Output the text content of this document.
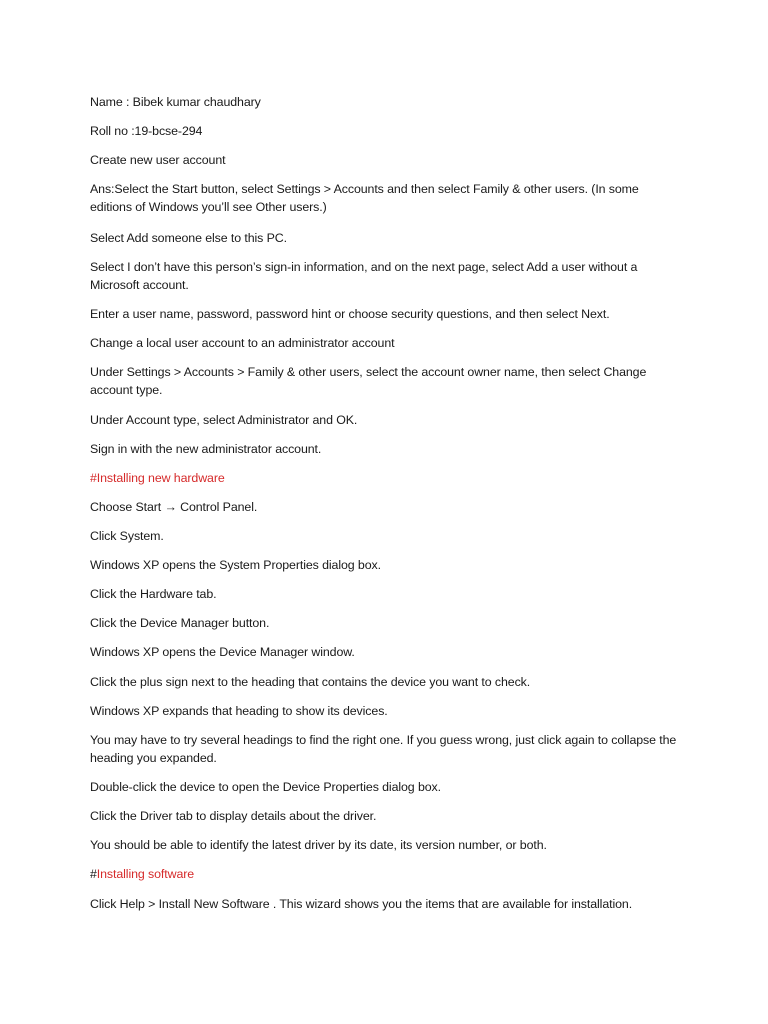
Name : Bibek kumar chaudhary

Roll no :19-bcse-294

Create new user account

Ans:Select the Start button, select Settings > Accounts and then select Family & other users. (In some editions of Windows you’ll see Other users.)

Select Add someone else to this PC.

Select I don’t have this person’s sign-in information, and on the next page, select Add a user without a Microsoft account.

Enter a user name, password, password hint or choose security questions, and then select Next.

Change a local user account to an administrator account

Under Settings > Accounts > Family & other users, select the account owner name, then select Change account type.

Under Account type, select Administrator and OK.

Sign in with the new administrator account.

#Installing new hardware

Choose Start → Control Panel.

Click System.

Windows XP opens the System Properties dialog box.

Click the Hardware tab.

Click the Device Manager button.

Windows XP opens the Device Manager window.

Click the plus sign next to the heading that contains the device you want to check.

Windows XP expands that heading to show its devices.

You may have to try several headings to find the right one. If you guess wrong, just click again to collapse the heading you expanded.

Double-click the device to open the Device Properties dialog box.

Click the Driver tab to display details about the driver.

You should be able to identify the latest driver by its date, its version number, or both.

#Installing software

Click Help > Install New Software . This wizard shows you the items that are available for installation.
